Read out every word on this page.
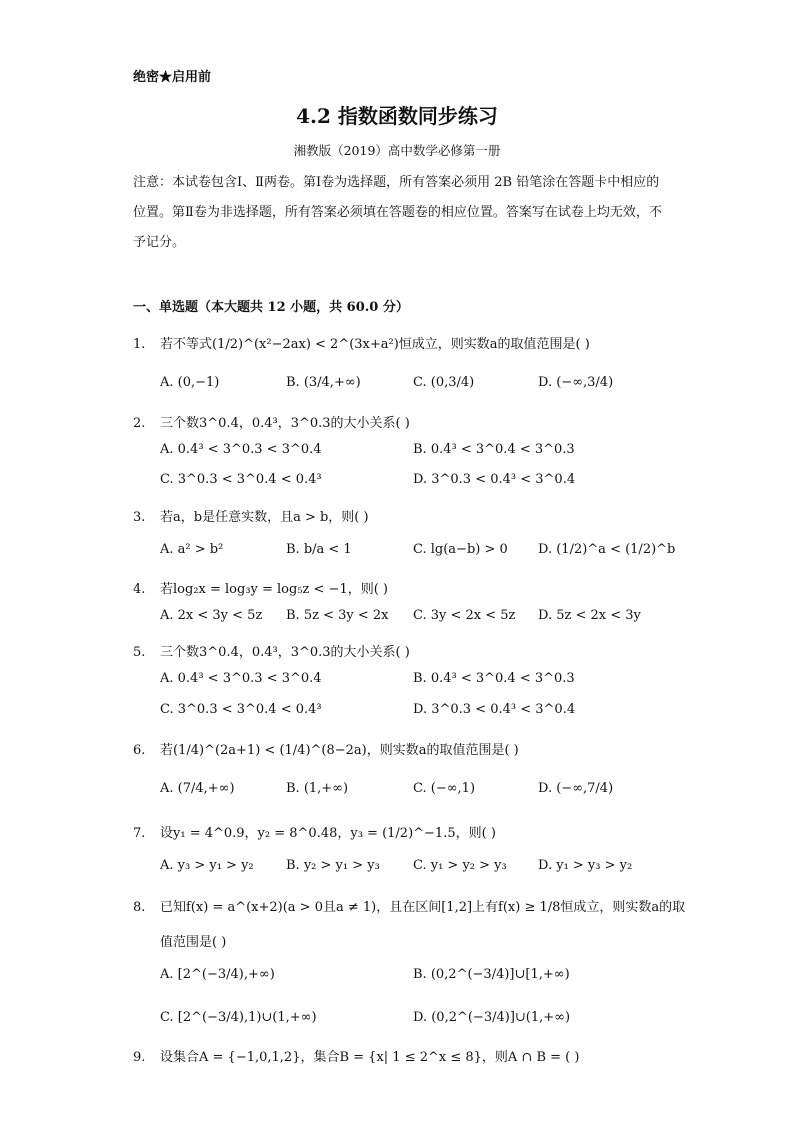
绝密★启用前
4.2 指数函数同步练习
湘教版（2019）高中数学必修第一册
注意：本试卷包含Ⅰ、Ⅱ两卷。第Ⅰ卷为选择题，所有答案必须用 2B 铅笔涂在答题卡中相应的位置。第Ⅱ卷为非选择题，所有答案必须填在答题卷的相应位置。答案写在试卷上均无效，不予记分。
一、单选题（本大题共 12 小题，共 60.0 分）
1. 若不等式(1/2)^(x²−2ax) < 2^(3x+a²)恒成立，则实数a的取值范围是( )
A. (0,−1)	B. (3/4,+∞)	C. (0,3/4)	D. (−∞,3/4)
2. 三个数3^0.4，0.4³，3^0.3的大小关系( )
A. 0.4³ < 3^0.3 < 3^0.4	B. 0.4³ < 3^0.4 < 3^0.3
C. 3^0.3 < 3^0.4 < 0.4³	D. 3^0.3 < 0.4³ < 3^0.4
3. 若a，b是任意实数，且a > b，则( )
A. a² > b²	B. b/a < 1	C. lg(a−b) > 0 D. (1/2)^a < (1/2)^b
4. 若log₂x = log₃y = log₅z < −1，则( )
A. 2x < 3y < 5z B. 5z < 3y < 2x C. 3y < 2x < 5z D. 5z < 2x < 3y
5. 三个数3^0.4，0.4³，3^0.3的大小关系( )
A. 0.4³ < 3^0.3 < 3^0.4	B. 0.4³ < 3^0.4 < 3^0.3
C. 3^0.3 < 3^0.4 < 0.4³	D. 3^0.3 < 0.4³ < 3^0.4
6. 若(1/4)^(2a+1) < (1/4)^(8−2a)，则实数a的取值范围是( )
A. (7/4,+∞)	B. (1,+∞)	C. (−∞,1)	D. (−∞,7/4)
7. 设y₁ = 4^0.9，y₂ = 8^0.48，y₃ = (1/2)^−1.5，则( )
A. y₃ > y₁ > y₂ B. y₂ > y₁ > y₃	C. y₁ > y₂ > y₃ D. y₁ > y₃ > y₂
8. 已知f(x) = a^(x+2)(a > 0且a ≠ 1)，且在区间[1,2]上有f(x) ≥ 1/8恒成立，则实数a的取
值范围是( )
A. [2^(−3/4),+∞)	B. (0,2^(−3/4)]∪[1,+∞)
C. [2^(−3/4),1)∪(1,+∞)	D. (0,2^(−3/4)]∪(1,+∞)
9. 设集合A = {−1,0,1,2}，集合B = {x| 1 ≤ 2^x ≤ 8}，则A ∩ B = ( )
